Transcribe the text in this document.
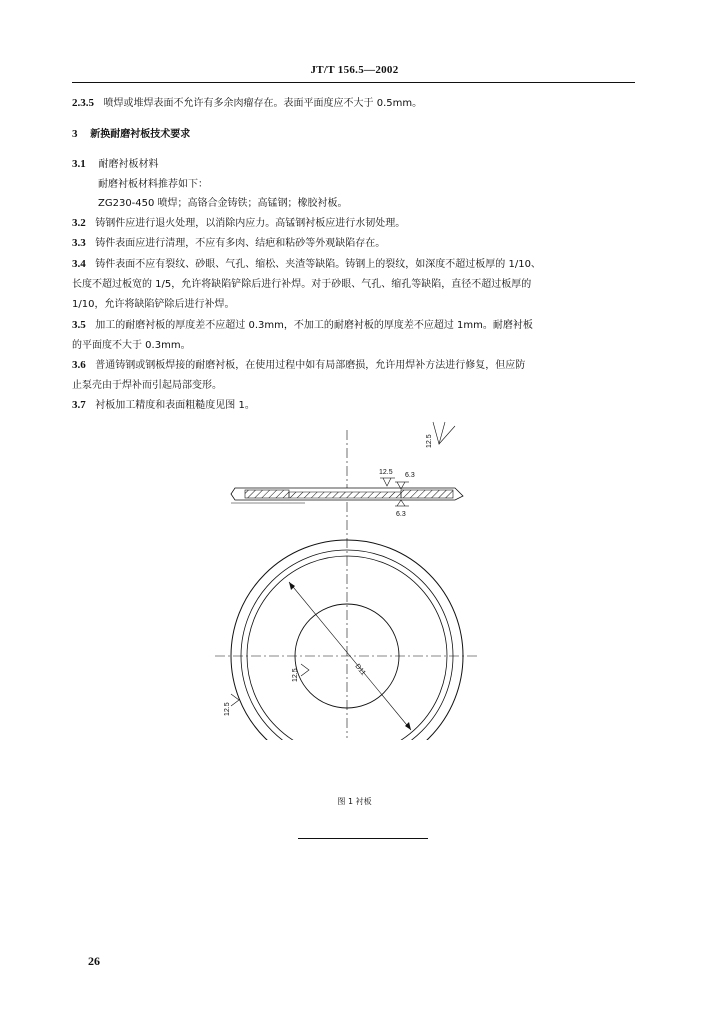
JT/T 156.5—2002
2.3.5 喷焊或堆焊表面不允许有多余肉瘤存在。表面平面度应不大于 0.5mm。
3 新换耐磨衬板技术要求
3.1 耐磨衬板材料
耐磨衬板材料推荐如下：
ZG230-450 喷焊；高铬合金铸铁；高锰钢；橡胶衬板。
3.2 铸钢件应进行退火处理，以消除内应力。高锰钢衬板应进行水韧处理。
3.3 铸件表面应进行清理，不应有多肉、结疤和粘砂等外观缺陷存在。
3.4 铸件表面不应有裂纹、砂眼、气孔、缩松、夹渣等缺陷。铸钢上的裂纹，如深度不超过板厚的 1/10、
长度不超过板宽的 1/5，允许将缺陷铲除后进行补焊。对于砂眼、气孔、缩孔等缺陷，直径不超过板厚的
1/10，允许将缺陷铲除后进行补焊。
3.5 加工的耐磨衬板的厚度差不应超过 0.3mm，不加工的耐磨衬板的厚度差不应超过 1mm。耐磨衬板
的平面度不大于 0.3mm。
3.6 普通铸钢或钢板焊接的耐磨衬板，在使用过程中如有局部磨损，允许用焊补方法进行修复，但应防
止泵壳由于焊补而引起局部变形。
3.7 衬板加工精度和表面粗糙度见图 1。
12.5
12.5 6.3
6.3
D11
12.5
12.5
图 1 衬板
26
